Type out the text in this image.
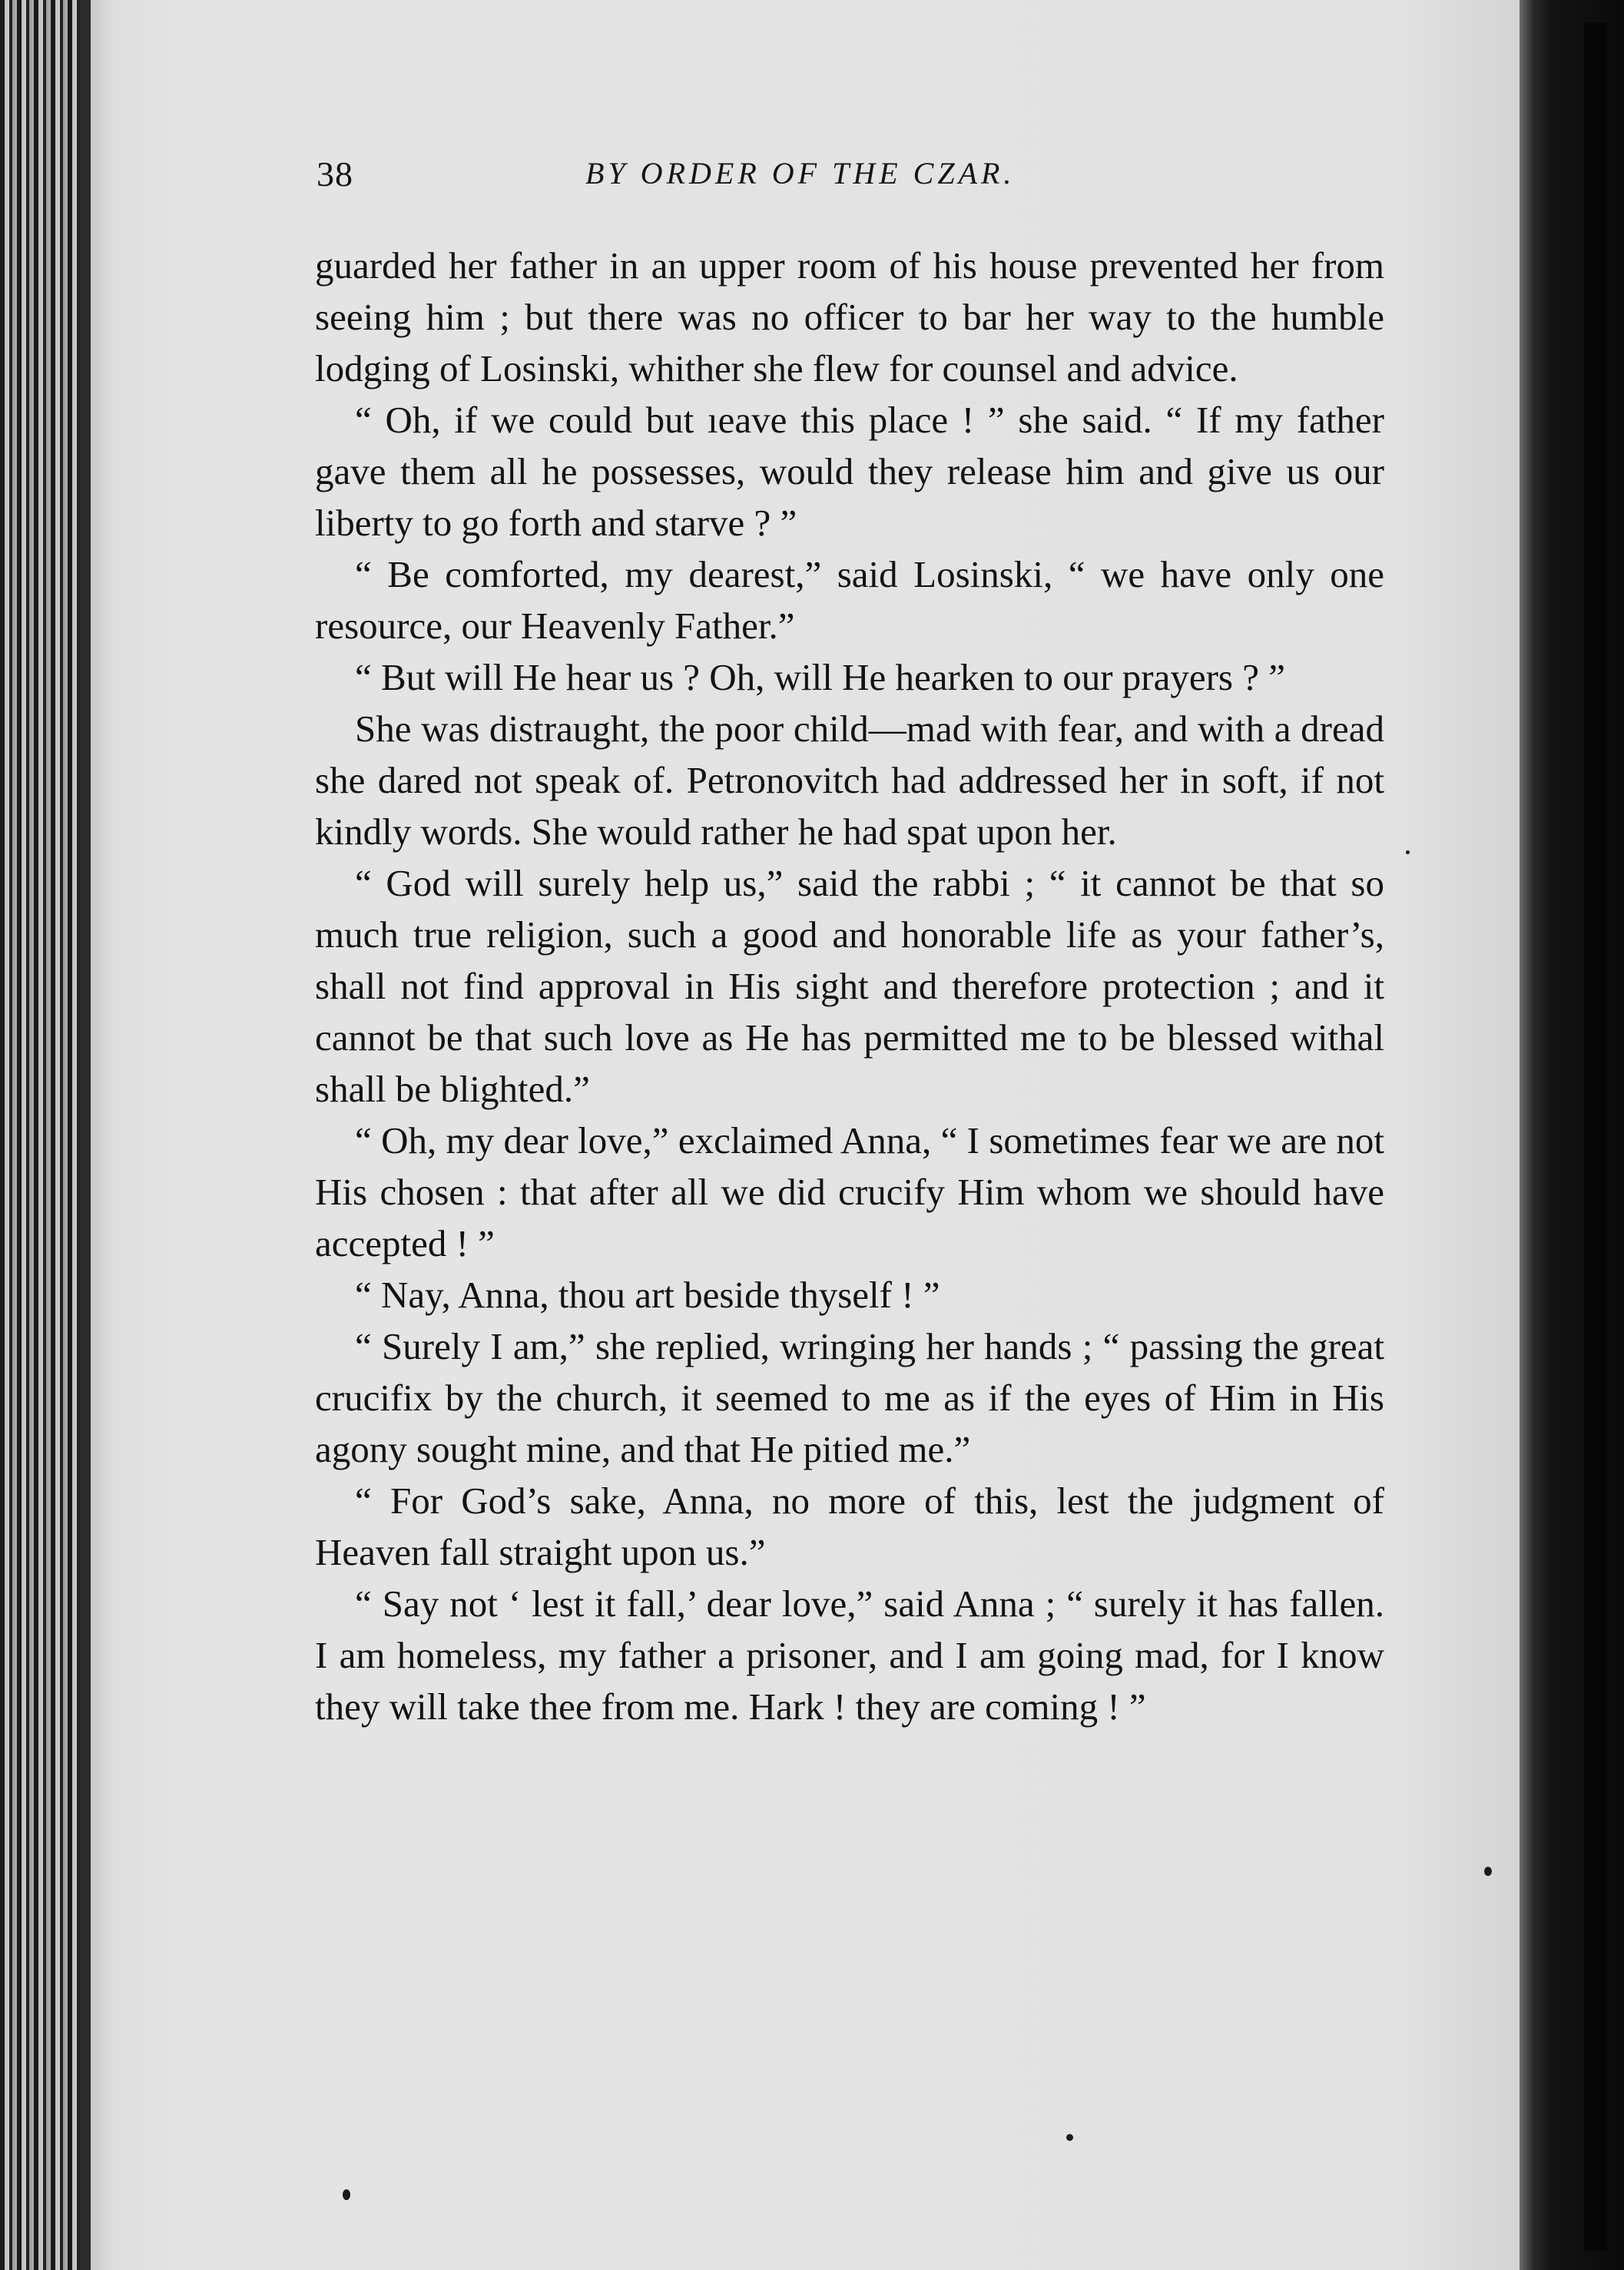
38	BY ORDER OF THE CZAR.

guarded her father in an upper room of his house prevented her from seeing him ; but there was no officer to bar her way to the humble lodging of Losinski, whither she flew for counsel and advice.

“ Oh, if we could but ıeave this place ! ” she said. “ If my father gave them all he possesses, would they release him and give us our liberty to go forth and starve ? ”

“ Be comforted, my dearest,” said Losinski, “ we have only one resource, our Heavenly Father.”

“ But will He hear us ? Oh, will He hearken to our prayers ? ”

She was distraught, the poor child—mad with fear, and with a dread she dared not speak of. Petronovitch had addressed her in soft, if not kindly words. She would rather he had spat upon her.

“ God will surely help us,” said the rabbi ; “ it cannot be that so much true religion, such a good and honorable life as your father’s, shall not find approval in His sight and therefore protection ; and it cannot be that such love as He has permitted me to be blessed withal shall be blighted.”

“ Oh, my dear love,” exclaimed Anna, “ I sometimes fear we are not His chosen : that after all we did crucify Him whom we should have accepted ! ”

“ Nay, Anna, thou art beside thyself ! ”

“ Surely I am,” she replied, wringing her hands ; “ passing the great crucifix by the church, it seemed to me as if the eyes of Him in His agony sought mine, and that He pitied me.”

“ For God’s sake, Anna, no more of this, lest the judgment of Heaven fall straight upon us.”

“ Say not ‘ lest it fall,’ dear love,” said Anna ; “ surely it has fallen. I am homeless, my father a prisoner, and I am going mad, for I know they will take thee from me. Hark ! they are coming ! ”
